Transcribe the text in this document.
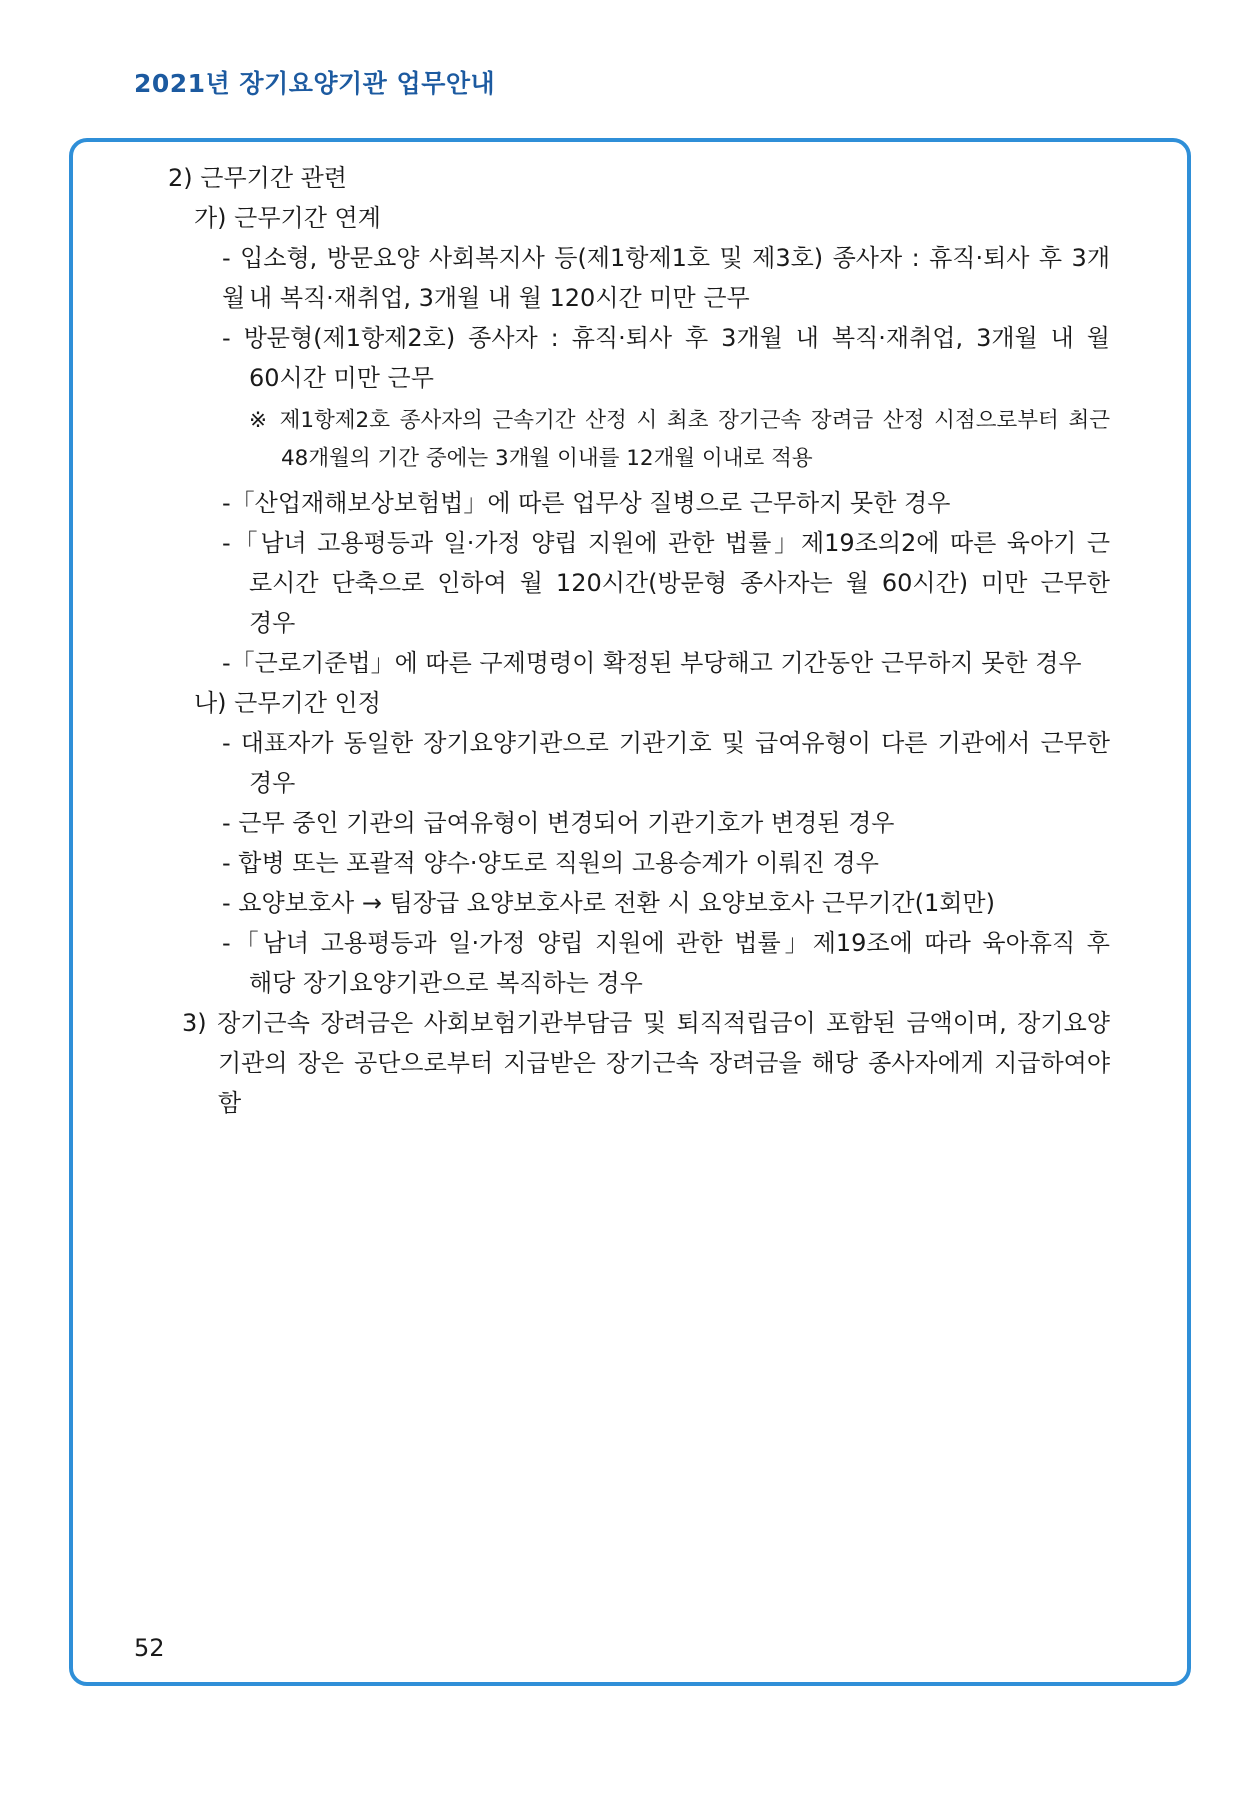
2021년 장기요양기관 업무안내
2) 근무기간 관련
가) 근무기간 연계
- 입소형, 방문요양 사회복지사 등(제1항제1호 및 제3호) 종사자 : 휴직·퇴사 후 3개월 내 복직·재취업, 3개월 내 월 120시간 미만 근무
- 방문형(제1항제2호) 종사자 : 휴직·퇴사 후 3개월 내 복직·재취업, 3개월 내 월
60시간 미만 근무
※ 제1항제2호 종사자의 근속기간 산정 시 최초 장기근속 장려금 산정 시점으로부터 최근
48개월의 기간 중에는 3개월 이내를 12개월 이내로 적용
-「산업재해보상보험법」에 따른 업무상 질병으로 근무하지 못한 경우
-「남녀 고용평등과 일·가정 양립 지원에 관한 법률」제19조의2에 따른 육아기 근
로시간 단축으로 인하여 월 120시간(방문형 종사자는 월 60시간) 미만 근무한
경우
-「근로기준법」에 따른 구제명령이 확정된 부당해고 기간동안 근무하지 못한 경우
나) 근무기간 인정
- 대표자가 동일한 장기요양기관으로 기관기호 및 급여유형이 다른 기관에서 근무한
경우
- 근무 중인 기관의 급여유형이 변경되어 기관기호가 변경된 경우
- 합병 또는 포괄적 양수·양도로 직원의 고용승계가 이뤄진 경우
- 요양보호사 → 팀장급 요양보호사로 전환 시 요양보호사 근무기간(1회만)
-「남녀 고용평등과 일·가정 양립 지원에 관한 법률」제19조에 따라 육아휴직 후
해당 장기요양기관으로 복직하는 경우
3) 장기근속 장려금은 사회보험기관부담금 및 퇴직적립금이 포함된 금액이며, 장기요양
기관의 장은 공단으로부터 지급받은 장기근속 장려금을 해당 종사자에게 지급하여야 함
52
